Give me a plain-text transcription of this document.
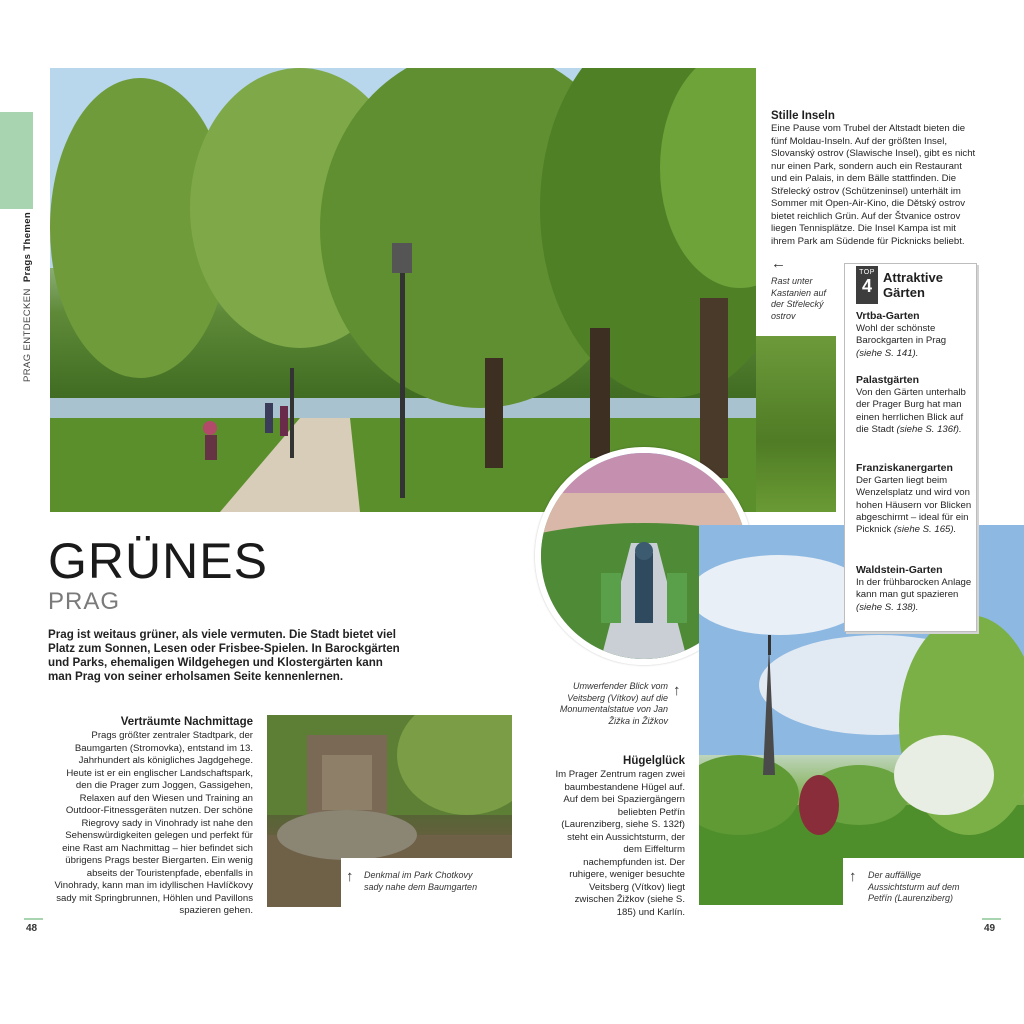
PRAG ENTDECKEN  Prags Themen
GRÜNES
PRAG
Prag ist weitaus grüner, als viele vermuten. Die Stadt bietet viel Platz zum Sonnen, Lesen oder Frisbee-Spielen. In Barockgärten und Parks, ehemaligen Wildgehegen und Klostergärten kann man Prag von seiner erholsamen Seite kennenlernen.
Verträumte Nachmittage
Prags größter zentraler Stadtpark, der Baumgarten (Stromovka), entstand im 13. Jahrhundert als königliches Jagdgehege. Heute ist er ein englischer Landschaftspark, den die Prager zum Joggen, Gassigehen, Relaxen auf den Wiesen und Training an Outdoor-Fitnessgeräten nutzen. Der schöne Riegrovy sady in Vinohrady ist nahe den Sehenswürdigkeiten gelegen und perfekt für eine Rast am Nachmittag – hier befindet sich übrigens Prags bester Biergarten. Ein wenig abseits der Touristenpfade, ebenfalls in Vinohrady, kann man im idyllischen Havlíčkovy sady mit Springbrunnen, Höhlen und Pavillons spazieren gehen.
Hügelglück
Im Prager Zentrum ragen zwei baumbestandene Hügel auf. Auf dem bei Spaziergängern beliebten Petřín (Laurenziberg, siehe S. 132f) steht ein Aussichtsturm, der dem Eiffelturm nachempfunden ist. Der ruhigere, weniger besuchte Veitsberg (Vítkov) liegt zwischen Žižkov (siehe S. 185) und Karlín.
Stille Inseln
Eine Pause vom Trubel der Altstadt bieten die fünf Moldau-Inseln. Auf der größten Insel, Slovanský ostrov (Slawische Insel), gibt es nicht nur einen Park, sondern auch ein Restaurant und ein Palais, in dem Bälle stattfinden. Die Střelecký ostrov (Schützeninsel) unterhält im Sommer mit Open-Air-Kino, die Dětský ostrov bietet reichlich Grün. Auf der Štvanice ostrov liegen Tennisplätze. Die Insel Kampa ist mit ihrem Park am Südende für Picknicks beliebt.
←
Rast unter Kastanien auf der Střelecký ostrov
↑
Umwerfender Blick vom Veitsberg (Vítkov) auf die Monumentalstatue von Jan Žižka in Žižkov
↑ Denkmal im Park Chotkovy sady nahe dem Baumgarten
↑ Der auffällige Aussichtsturm auf dem Petřín (Laurenziberg)
TOP
4 Attraktive Gärten
Vrtba-Garten
Wohl der schönste Barockgarten in Prag (siehe S. 141).
Palastgärten
Von den Gärten unterhalb der Prager Burg hat man einen herrlichen Blick auf die Stadt (siehe S. 136f).
Franziskanergarten
Der Garten liegt beim Wenzelsplatz und wird von hohen Häusern vor Blicken abgeschirmt – ideal für ein Picknick (siehe S. 165).
Waldstein-Garten
In der frühbarocken Anlage kann man gut spazieren (siehe S. 138).
48	49
